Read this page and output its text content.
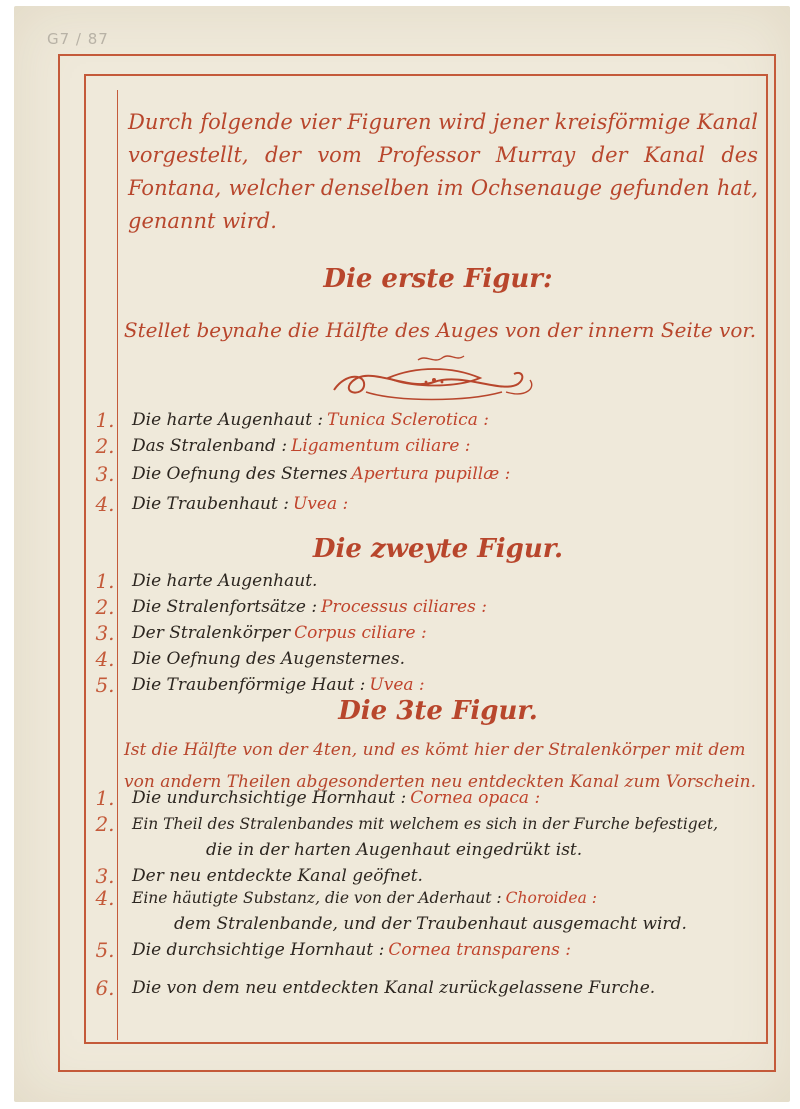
G7 / 87

Durch folgende vier Figuren wird jener kreisförmige Kanal vorgestellt, der vom Professor Murray der Kanal des Fontana, welcher denselben im Ochsenauge gefunden hat, genannt wird.

Die erste Figur:
Stellet beynahe die Hälfte des Auges von der innern Seite vor.
1. Die harte Augenhaut : Tunica Sclerotica :
2. Das Stralenband : Ligamentum ciliare :
3. Die Oefnung des Sternes Apertura pupillæ :
4. Die Traubenhaut : Uvea :
Die zweyte Figur.
1. Die harte Augenhaut.
2. Die Stralenfortsätze : Processus ciliares :
3. Der Stralenkörper Corpus ciliare :
4. Die Oefnung des Augensternes.
5. Die Traubenförmige Haut : Uvea :
Die 3te Figur.

Ist die Hälfte von der 4ten, und es kömt hier der Stralenkörper mit dem von andern Theilen abgesonderten neu entdeckten Kanal zum Vorschein.

1. Die undurchsichtige Hornhaut : Cornea opaca :
2. Ein Theil des Stralenbandes mit welchem es sich in der Furche befestiget,
die in der harten Augenhaut eingedrükt ist.
3. Der neu entdeckte Kanal geöfnet.
4. Eine häutigte Substanz, die von der Aderhaut : Choroidea :
dem Stralenbande, und der Traubenhaut ausgemacht wird.
5. Die durchsichtige Hornhaut : Cornea transparens :
6. Die von dem neu entdeckten Kanal zurückgelassene Furche.
